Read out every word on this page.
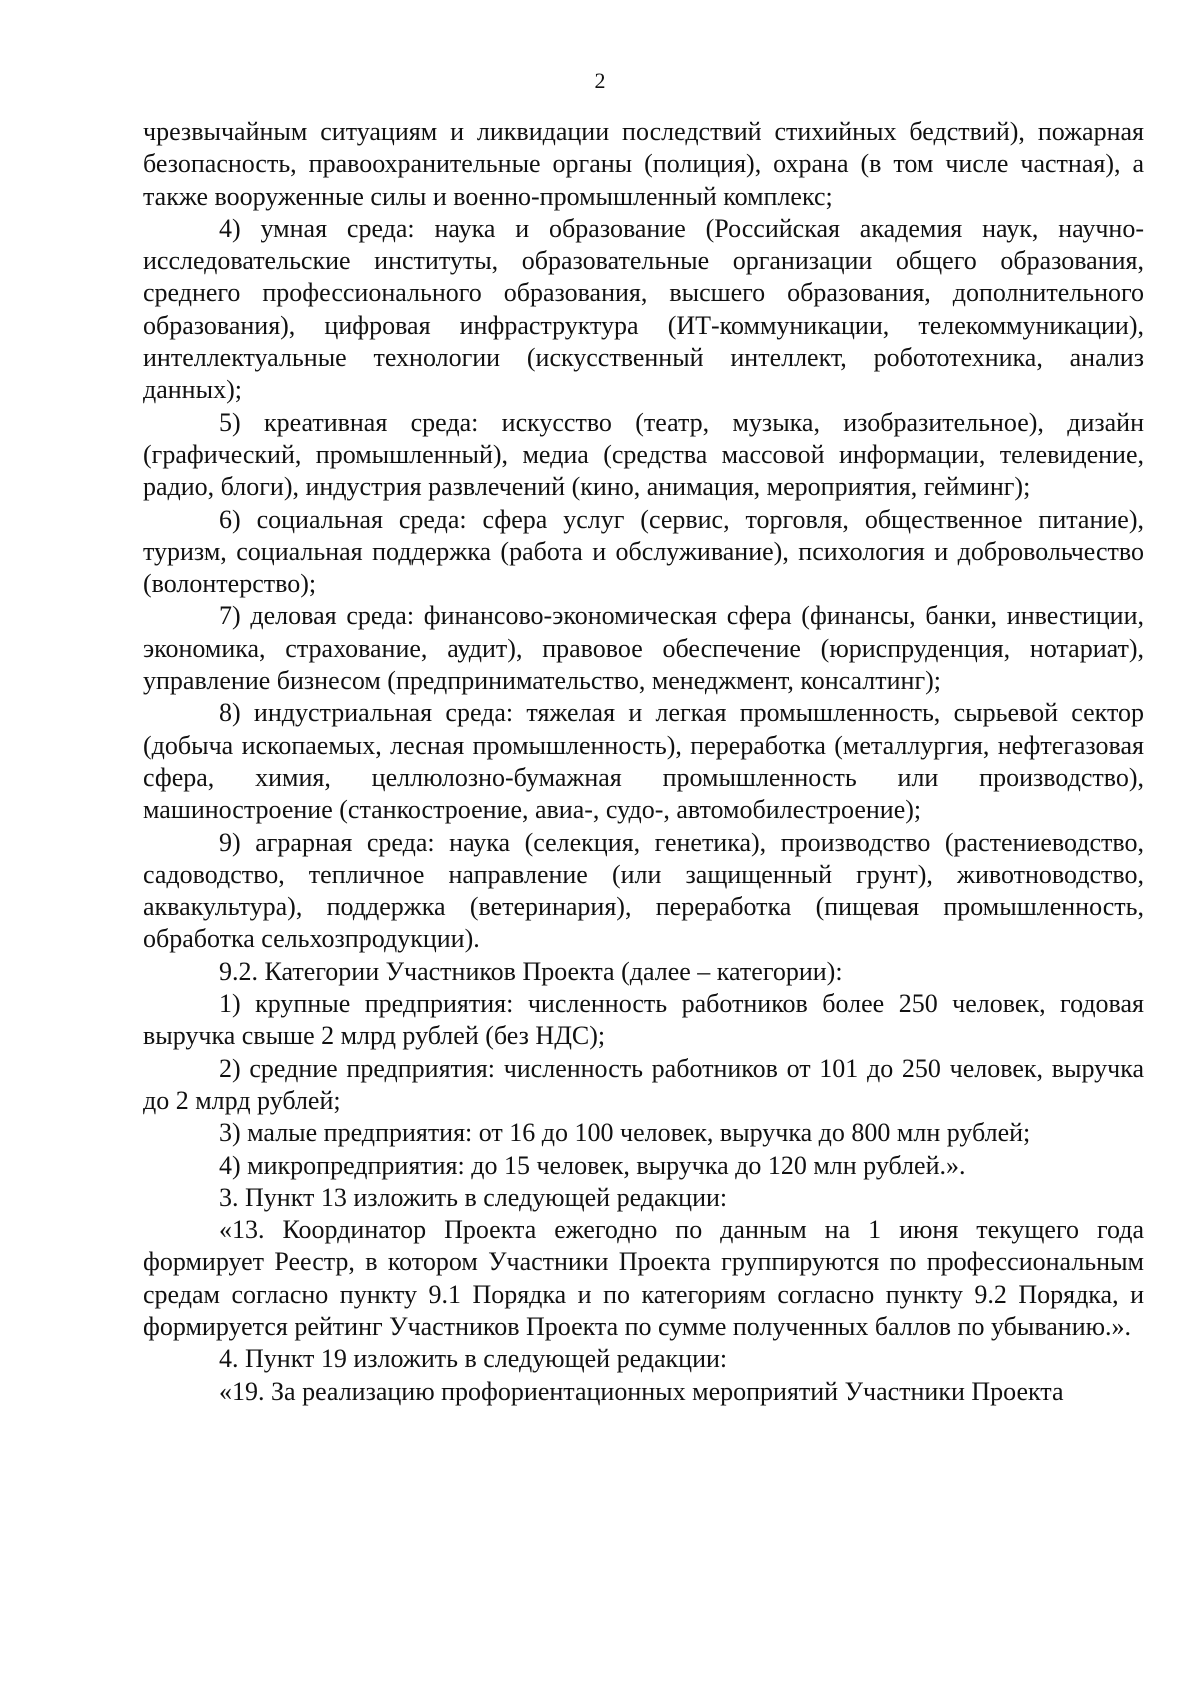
2

чрезвычайным ситуациям и ликвидации последствий стихийных бедствий), пожарная безопасность, правоохранительные органы (полиция), охрана (в том числе частная), а также вооруженные силы и военно-промышленный комплекс;

4) умная среда: наука и образование (Российская академия наук, научно-исследовательские институты, образовательные организации общего образования, среднего профессионального образования, высшего образования, дополнительного образования), цифровая инфраструктура (ИТ-коммуникации, телекоммуникации), интеллектуальные технологии (искусственный интеллект, робототехника, анализ данных);

5) креативная среда: искусство (театр, музыка, изобразительное), дизайн (графический, промышленный), медиа (средства массовой информации, телевидение, радио, блоги), индустрия развлечений (кино, анимация, мероприятия, гейминг);

6) социальная среда: сфера услуг (сервис, торговля, общественное питание), туризм, социальная поддержка (работа и обслуживание), психология и добровольчество (волонтерство);

7) деловая среда: финансово-экономическая сфера (финансы, банки, инвестиции, экономика, страхование, аудит), правовое обеспечение (юриспруденция, нотариат), управление бизнесом (предпринимательство, менеджмент, консалтинг);

8) индустриальная среда: тяжелая и легкая промышленность, сырьевой сектор (добыча ископаемых, лесная промышленность), переработка (металлургия, нефтегазовая сфера, химия, целлюлозно-бумажная промышленность или производство), машиностроение (станкостроение, авиа-, судо-, автомобилестроение);

9) аграрная среда: наука (селекция, генетика), производство (растениеводство, садоводство, тепличное направление (или защищенный грунт), животноводство, аквакультура), поддержка (ветеринария), переработка (пищевая промышленность, обработка сельхозпродукции).

9.2. Категории Участников Проекта (далее – категории):

1) крупные предприятия: численность работников более 250 человек, годовая выручка свыше 2 млрд рублей (без НДС);

2) средние предприятия: численность работников от 101 до 250 человек, выручка до 2 млрд рублей;

3) малые предприятия: от 16 до 100 человек, выручка до 800 млн рублей;

4) микропредприятия: до 15 человек, выручка до 120 млн рублей.».

3. Пункт 13 изложить в следующей редакции:

«13. Координатор Проекта ежегодно по данным на 1 июня текущего года формирует Реестр, в котором Участники Проекта группируются по профессиональным средам согласно пункту 9.1 Порядка и по категориям согласно пункту 9.2 Порядка, и формируется рейтинг Участников Проекта по сумме полученных баллов по убыванию.».

4. Пункт 19 изложить в следующей редакции:

«19. За реализацию профориентационных мероприятий Участники Проекта
